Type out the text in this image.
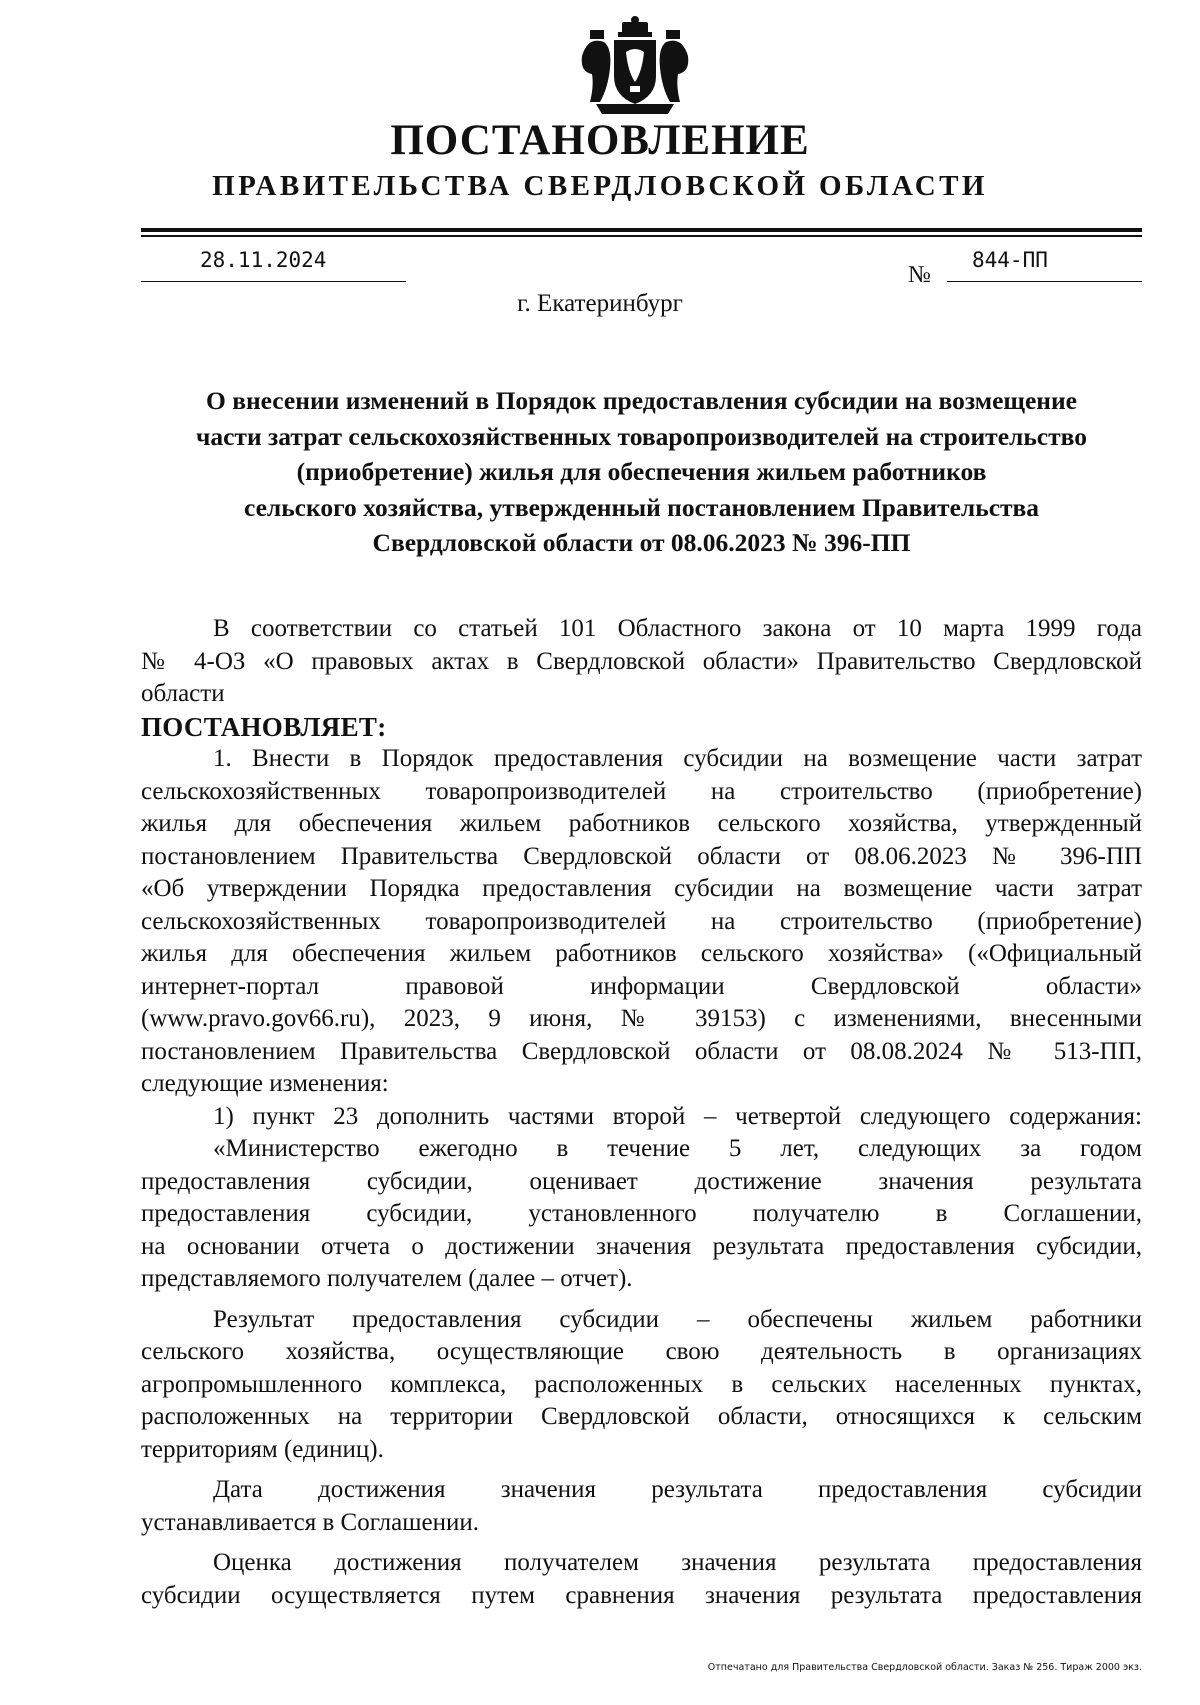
ПОСТАНОВЛЕНИЕ
ПРАВИТЕЛЬСТВА СВЕРДЛОВСКОЙ ОБЛАСТИ
28.11.2024
№
844-ПП
г. Екатеринбург
О внесении изменений в Порядок предоставления субсидии на возмещение
части затрат сельскохозяйственных товаропроизводителей на строительство
(приобретение) жилья для обеспечения жильем работников
сельского хозяйства, утвержденный постановлением Правительства
Свердловской области от 08.06.2023 № 396-ПП
В соответствии со статьей 101 Областного закона от 10 марта 1999 года
№ 4-ОЗ «О правовых актах в Свердловской области» Правительство Свердловской
области
ПОСТАНОВЛЯЕТ:
1. Внести в Порядок предоставления субсидии на возмещение части затрат
сельскохозяйственных товаропроизводителей на строительство (приобретение)
жилья для обеспечения жильем работников сельского хозяйства, утвержденный
постановлением Правительства Свердловской области от 08.06.2023 № 396-ПП
«Об утверждении Порядка предоставления субсидии на возмещение части затрат
сельскохозяйственных товаропроизводителей на строительство (приобретение)
жилья для обеспечения жильем работников сельского хозяйства» («Официальный
интернет-портал правовой информации Свердловской области»
(www.pravo.gov66.ru), 2023, 9 июня, № 39153) с изменениями, внесенными
постановлением Правительства Свердловской области от 08.08.2024 № 513-ПП,
следующие изменения:
1) пункт 23 дополнить частями второй – четвертой следующего содержания:
«Министерство ежегодно в течение 5 лет, следующих за годом
предоставления субсидии, оценивает достижение значения результата
предоставления субсидии, установленного получателю в Соглашении,
на основании отчета о достижении значения результата предоставления субсидии,
представляемого получателем (далее – отчет).
Результат предоставления субсидии – обеспечены жильем работники
сельского хозяйства, осуществляющие свою деятельность в организациях
агропромышленного комплекса, расположенных в сельских населенных пунктах,
расположенных на территории Свердловской области, относящихся к сельским
территориям (единиц).
Дата достижения значения результата предоставления субсидии
устанавливается в Соглашении.
Оценка достижения получателем значения результата предоставления
субсидии осуществляется путем сравнения значения результата предоставления
Отпечатано для Правительства Свердловской области. Заказ № 256. Тираж 2000 экз.
